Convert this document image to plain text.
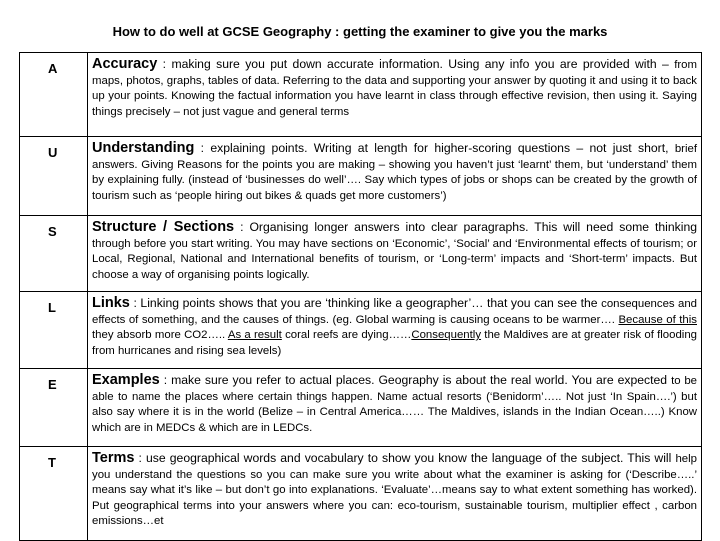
How to do well at GCSE Geography : getting the examiner to give you the marks
A	Accuracy : making sure you put down accurate information. Using any info you are provided with – from maps, photos, graphs, tables of data. Referring to the data and supporting your answer by quoting it and using it to back up your points. Knowing the factual information you have learnt in class through effective revision, then using it. Saying things precisely – not just vague and general terms
U	Understanding : explaining points. Writing at length for higher-scoring questions – not just short, brief answers. Giving Reasons for the points you are making – showing you haven’t just ‘learnt’ them, but ‘understand’ them by explaining fully. (instead of ‘businesses do well’…. Say which types of jobs or shops can be created by the growth of tourism such as ‘people hiring out bikes & quads get more customers’)
S	Structure / Sections : Organising longer answers into clear paragraphs. This will need some thinking through before you start writing. You may have sections on ‘Economic’, ‘Social’ and ‘Environmental effects of tourism; or Local, Regional, National and International benefits of tourism, or ‘Long-term’ impacts and ‘Short-term’ impacts. But choose a way of organising points logically.
L	Links : Linking points shows that you are ‘thinking like a geographer’… that you can see the consequences and effects of something, and the causes of things. (eg. Global warming is causing oceans to be warmer…. Because of this they absorb more CO2….. As a result coral reefs are dying……Consequently the Maldives are at greater risk of flooding from hurricanes and rising sea levels)
E	Examples : make sure you refer to actual places. Geography is about the real world. You are expected to be able to name the places where certain things happen. Name actual resorts (‘Benidorm’….. Not just ‘In Spain….’) but also say where it is in the world (Belize – in Central America…… The Maldives, islands in the Indian Ocean…..) Know which are in MEDCs & which are in LEDCs.
T	Terms : use geographical words and vocabulary to show you know the language of the subject. This will help you understand the questions so you can make sure you write about what the examiner is asking for (‘Describe…..’ means say what it’s like – but don’t go into explanations. ‘Evaluate’…means say to what extent something has worked). Put geographical terms into your answers where you can: eco-tourism, sustainable tourism, multiplier effect , carbon emissions…et
